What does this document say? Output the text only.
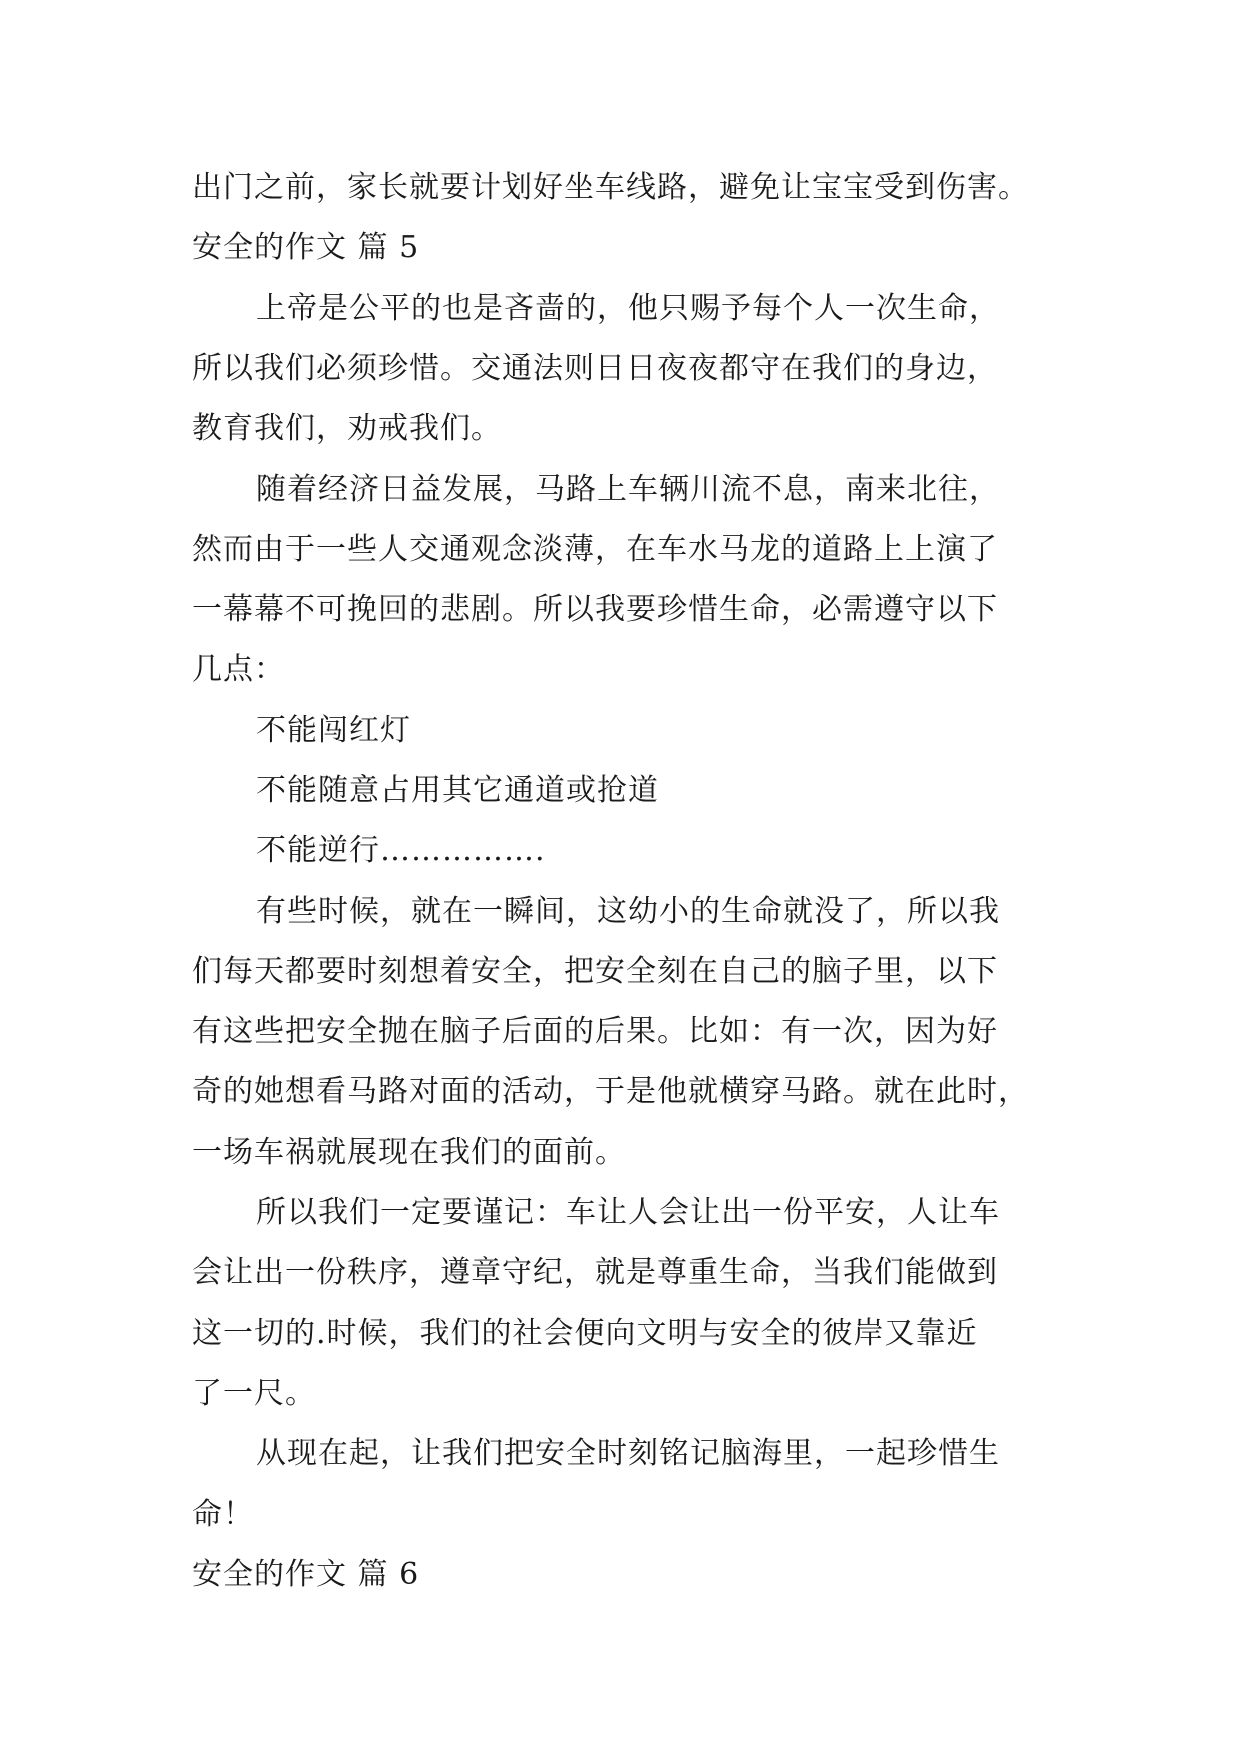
出门之前，家长就要计划好坐车线路，避免让宝宝受到伤害。
安全的作文 篇 5
上帝是公平的也是吝啬的，他只赐予每个人一次生命，
所以我们必须珍惜。交通法则日日夜夜都守在我们的身边，
教育我们，劝戒我们。
随着经济日益发展，马路上车辆川流不息，南来北往，
然而由于一些人交通观念淡薄，在车水马龙的道路上上演了
一幕幕不可挽回的悲剧。所以我要珍惜生命，必需遵守以下
几点：
不能闯红灯
不能随意占用其它通道或抢道
不能逆行…………….
有些时候，就在一瞬间，这幼小的生命就没了，所以我
们每天都要时刻想着安全，把安全刻在自己的脑子里，以下
有这些把安全抛在脑子后面的后果。比如：有一次，因为好
奇的她想看马路对面的活动，于是他就横穿马路。就在此时，
一场车祸就展现在我们的面前。
所以我们一定要谨记：车让人会让出一份平安，人让车
会让出一份秩序，遵章守纪，就是尊重生命，当我们能做到
这一切的.时候，我们的社会便向文明与安全的彼岸又靠近
了一尺。
从现在起，让我们把安全时刻铭记脑海里，一起珍惜生
命！
安全的作文 篇 6
